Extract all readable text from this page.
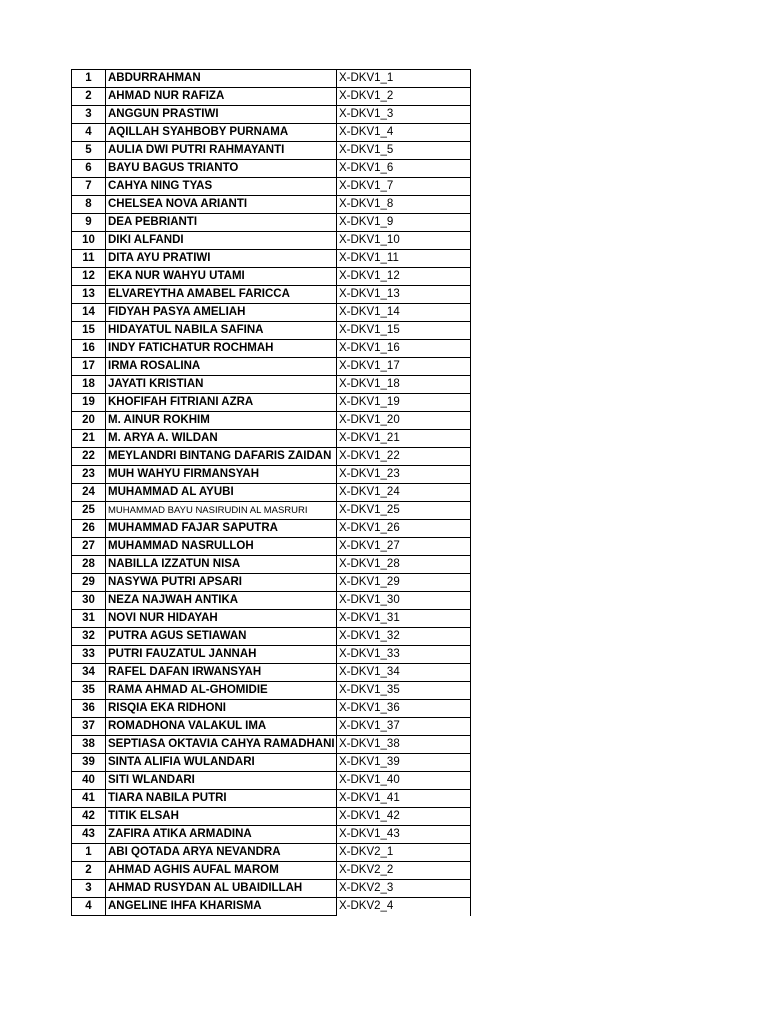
1	ABDURRAHMAN	X-DKV1_1
2	AHMAD NUR RAFIZA	X-DKV1_2
3	ANGGUN PRASTIWI	X-DKV1_3
4	AQILLAH SYAHBOBY PURNAMA	X-DKV1_4
5	AULIA DWI PUTRI RAHMAYANTI	X-DKV1_5
6	BAYU BAGUS TRIANTO	X-DKV1_6
7	CAHYA NING TYAS	X-DKV1_7
8	CHELSEA NOVA ARIANTI	X-DKV1_8
9	DEA PEBRIANTI	X-DKV1_9
10	DIKI ALFANDI	X-DKV1_10
11	DITA AYU PRATIWI	X-DKV1_11
12	EKA NUR WAHYU UTAMI	X-DKV1_12
13	ELVAREYTHA AMABEL FARICCA	X-DKV1_13
14	FIDYAH PASYA AMELIAH	X-DKV1_14
15	HIDAYATUL NABILA SAFINA	X-DKV1_15
16	INDY FATICHATUR ROCHMAH	X-DKV1_16
17	IRMA ROSALINA	X-DKV1_17
18	JAYATI KRISTIAN	X-DKV1_18
19	KHOFIFAH FITRIANI AZRA	X-DKV1_19
20	M. AINUR ROKHIM	X-DKV1_20
21	M. ARYA A. WILDAN	X-DKV1_21
22	MEYLANDRI BINTANG DAFARIS ZAIDAN	X-DKV1_22
23	MUH WAHYU FIRMANSYAH	X-DKV1_23
24	MUHAMMAD AL AYUBI	X-DKV1_24
25	MUHAMMAD BAYU NASIRUDIN AL MASRURI	X-DKV1_25
26	MUHAMMAD FAJAR SAPUTRA	X-DKV1_26
27	MUHAMMAD NASRULLOH	X-DKV1_27
28	NABILLA IZZATUN NISA	X-DKV1_28
29	NASYWA PUTRI APSARI	X-DKV1_29
30	NEZA NAJWAH ANTIKA	X-DKV1_30
31	NOVI NUR HIDAYAH	X-DKV1_31
32	PUTRA AGUS SETIAWAN	X-DKV1_32
33	PUTRI FAUZATUL JANNAH	X-DKV1_33
34	RAFEL DAFAN IRWANSYAH	X-DKV1_34
35	RAMA AHMAD AL-GHOMIDIE	X-DKV1_35
36	RISQIA EKA RIDHONI	X-DKV1_36
37	ROMADHONA VALAKUL IMA	X-DKV1_37
38	SEPTIASA OKTAVIA CAHYA RAMADHANI	X-DKV1_38
39	SINTA ALIFIA WULANDARI	X-DKV1_39
40	SITI WLANDARI	X-DKV1_40
41	TIARA NABILA PUTRI	X-DKV1_41
42	TITIK ELSAH	X-DKV1_42
43	ZAFIRA ATIKA ARMADINA	X-DKV1_43
1	ABI QOTADA ARYA NEVANDRA	X-DKV2_1
2	AHMAD AGHIS AUFAL MAROM	X-DKV2_2
3	AHMAD RUSYDAN AL UBAIDILLAH	X-DKV2_3
4	ANGELINE IHFA KHARISMA	X-DKV2_4
